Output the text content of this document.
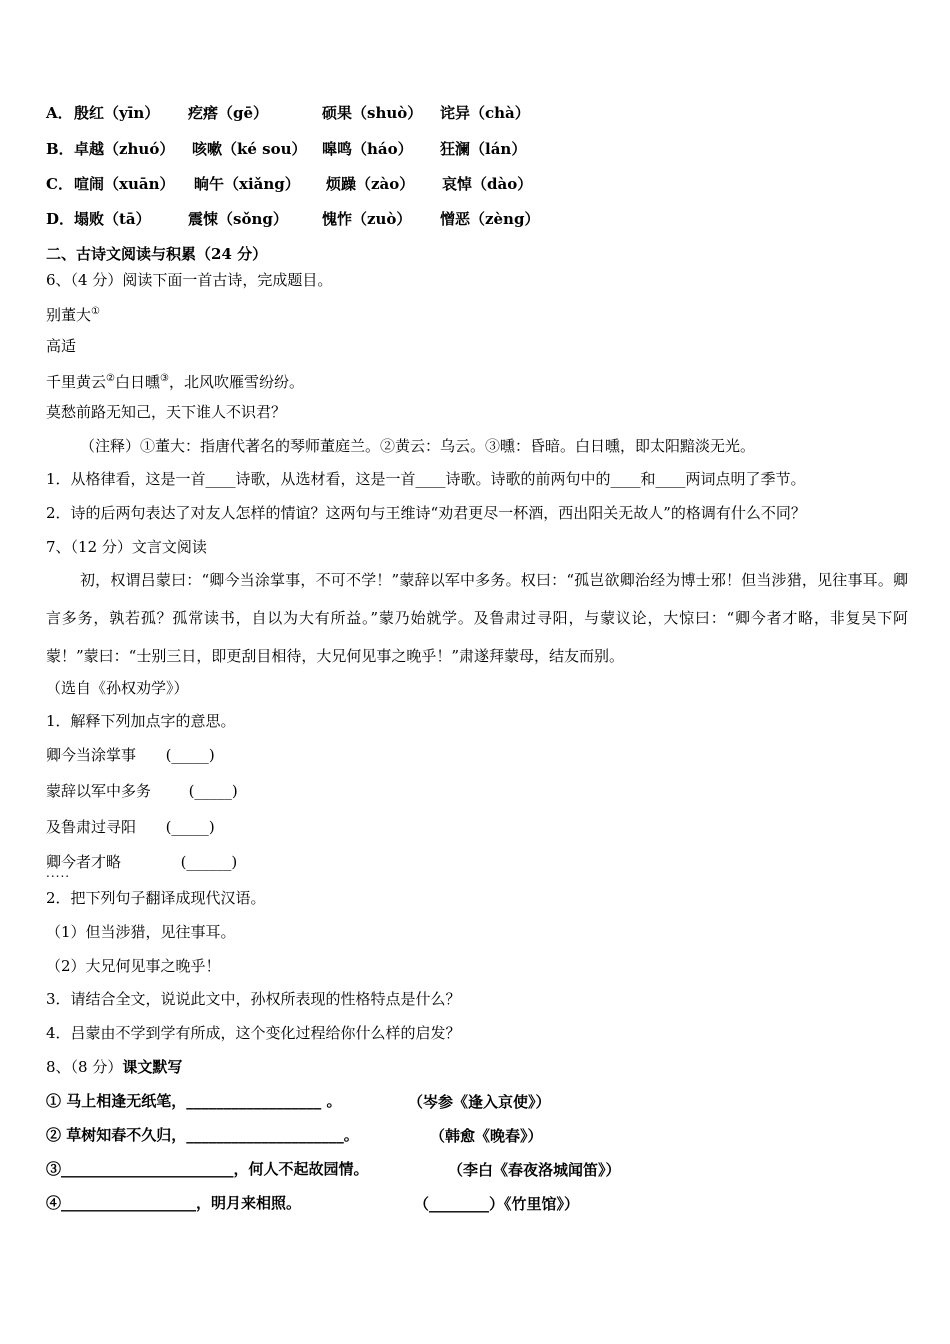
A． 殷红（yīn） 疙瘩（gē）	硕果（shuò） 诧异（chà）
B． 卓越（zhuó） 咳嗽（ké sou） 嗥鸣（háo） 狂澜（lán）
C． 喧闹（xuān） 晌午（xiǎng） 烦躁（zào） 哀悼（dào）
D． 塌败（tā） 震悚（sǒng） 愧怍（zuò） 憎恶（zèng）
二、古诗文阅读与积累（24 分）
6、（4 分）阅读下面一首古诗，完成题目。
别董大①
高适
千里黄云②白日曛③，北风吹雁雪纷纷。
莫愁前路无知己，天下谁人不识君？
（注释）①董大：指唐代著名的琴师董庭兰。②黄云：乌云。③曛：昏暗。白日曛，即太阳黯淡无光。
1．从格律看，这是一首____诗歌，从选材看，这是一首____诗歌。诗歌的前两句中的____和____两词点明了季节。
2．诗的后两句表达了对友人怎样的情谊？这两句与王维诗“劝君更尽一杯酒，西出阳关无故人”的格调有什么不同？
7、（12 分）文言文阅读
初，权谓吕蒙曰：“卿今当涂掌事，不可不学！”蒙辞以军中多务。权曰：“孤岂欲卿治经为博士邪！但当涉猎，见往事耳。卿言多务，孰若孤？孤常读书，自以为大有所益。”蒙乃始就学。及鲁肃过寻阳，与蒙议论，大惊曰：“卿今者才略，非复吴下阿蒙！”蒙曰：“士别三日，即更刮目相待，大兄何见事之晚乎！”肃遂拜蒙母，结友而别。
（选自《孙权劝学》）
1．解释下列加点字的意思。
卿今当涂掌事 (_____)
蒙辞以军中多务	(_____)
及鲁肃过寻阳 (_____)
卿今者才略 .....	(______)
2．把下列句子翻译成现代汉语。
（1）但当涉猎，见往事耳。
（2）大兄何见事之晚乎！
3．请结合全文，说说此文中，孙权所表现的性格特点是什么？
4．吕蒙由不学到学有所成，这个变化过程给你什么样的启发？
8、（8 分）课文默写
① 马上相逢无纸笔，__________________ 。	（岑参《逢入京使》）
② 草树知春不久归，_____________________。	（韩愈《晚春》）
③_______________________，何人不起故园情。	（李白《春夜洛城闻笛》）
④__________________，明月来相照。	（________）《竹里馆》）
